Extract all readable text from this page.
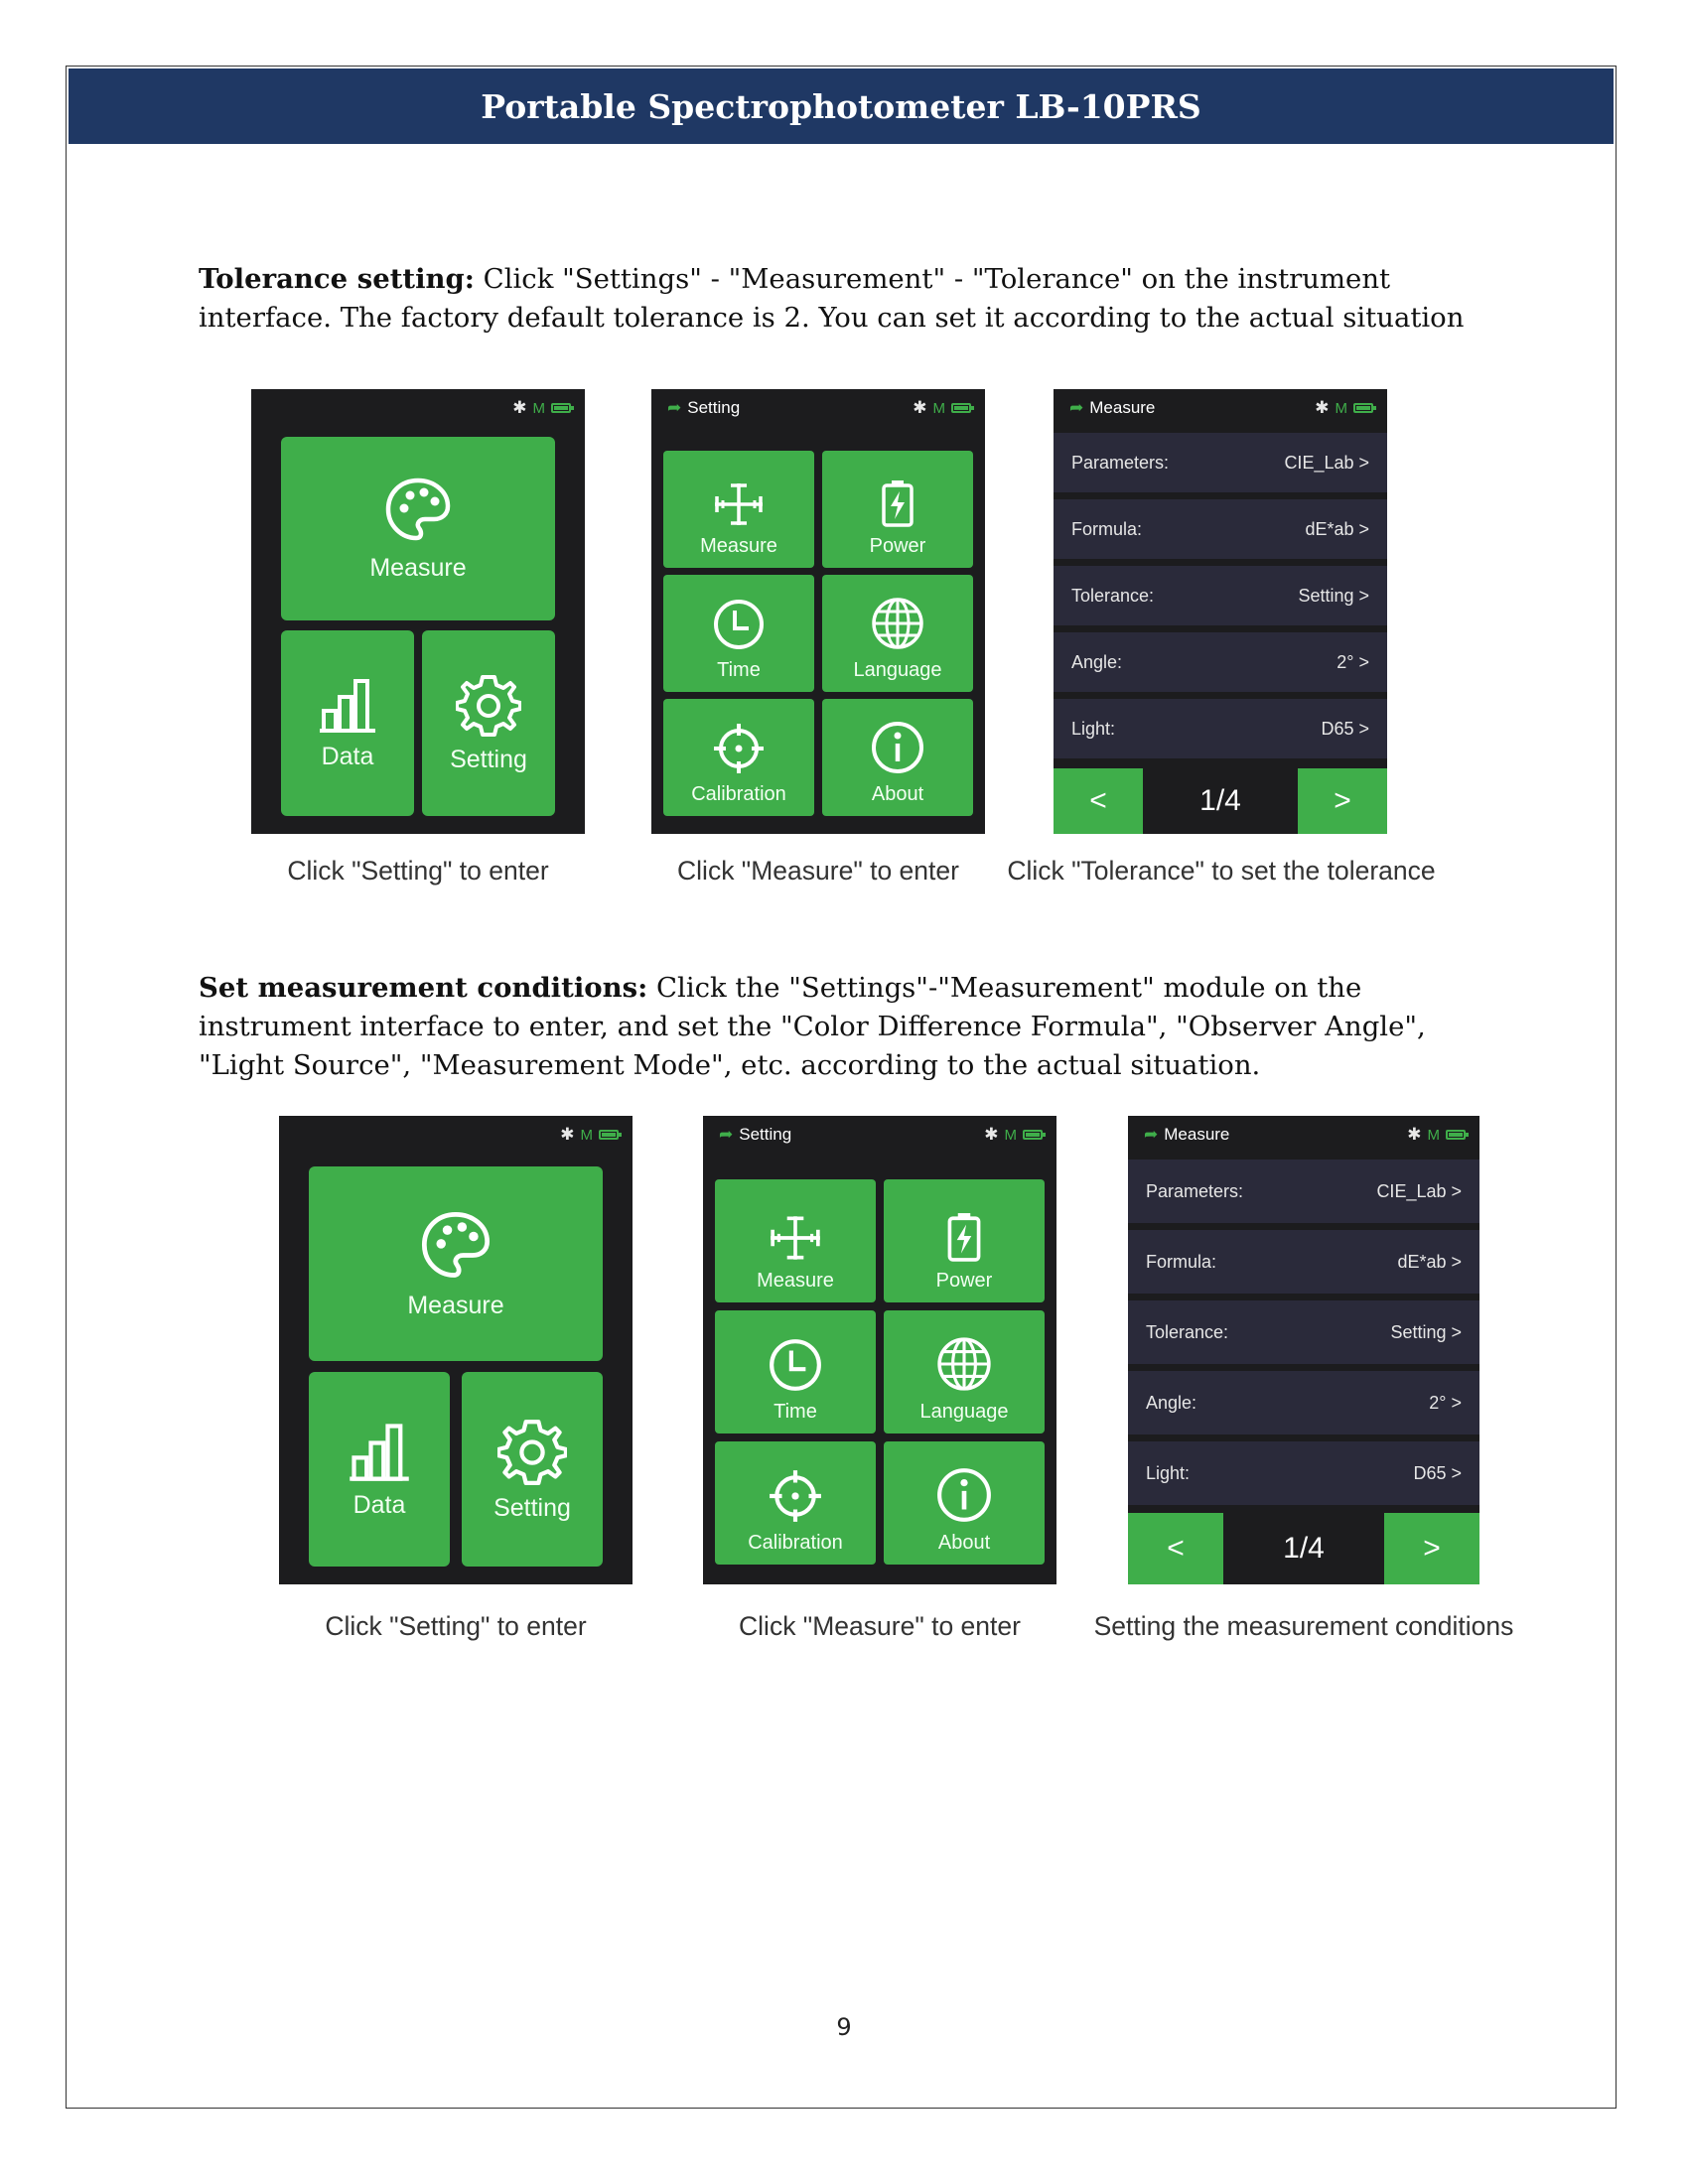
Portable Spectrophotometer LB-10PRS
Tolerance setting: Click "Settings" - "Measurement" - "Tolerance" on the instrument
interface. The factory default tolerance is 2. You can set it according to the actual situation
✱ M
Measure
Data	Setting
➦ Setting	✱ M
Measure	Power
Time	Language
Calibration	About
➦ Measure	✱ M
Parameters:	CIE_Lab >
Formula:	dE*ab >
Tolerance:	Setting >
Angle:	2° >
Light:	D65 >
<	1/4	>
Click "Setting" to enter	Click "Measure" to enter	Click "Tolerance" to set the tolerance
Set measurement conditions: Click the "Settings"-"Measurement" module on the
instrument interface to enter, and set the "Color Difference Formula", "Observer Angle",
"Light Source", "Measurement Mode", etc. according to the actual situation.
✱ M
Measure
Data	Setting
➦ Setting	✱ M
Measure	Power
Time	Language
Calibration	About
➦ Measure	✱ M
Parameters:	CIE_Lab >
Formula:	dE*ab >
Tolerance:	Setting >
Angle:	2° >
Light:	D65 >
<	1/4	>
Click "Setting" to enter	Click "Measure" to enter	Setting the measurement conditions
9
